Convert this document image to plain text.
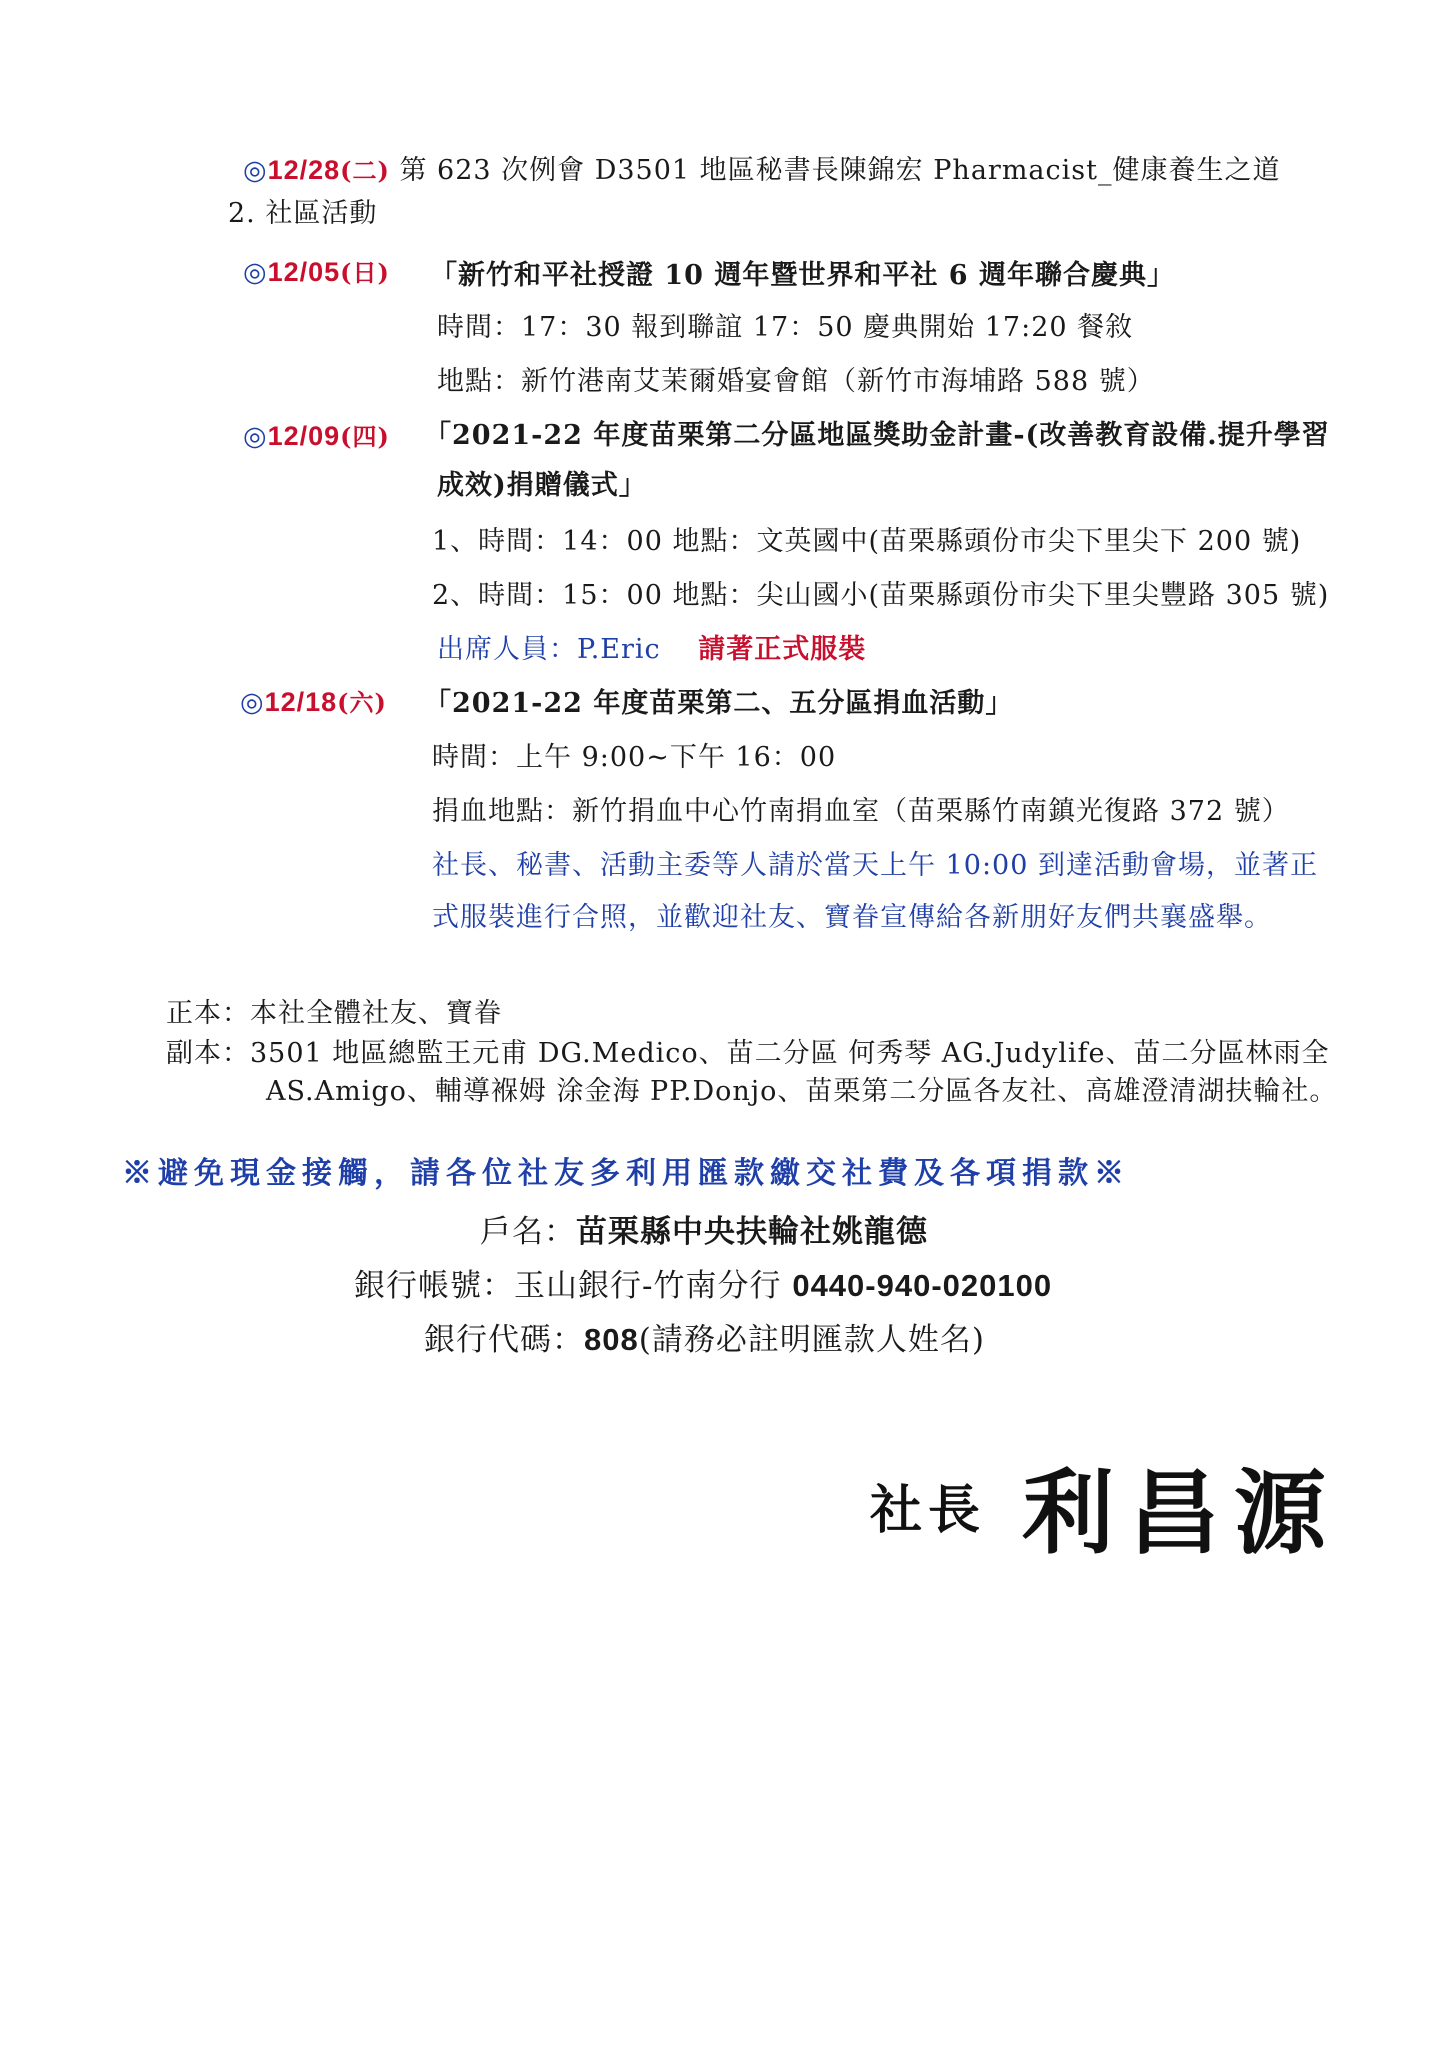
◎12/28(二) 第 623 次例會 D3501 地區秘書長陳錦宏 Pharmacist_健康養生之道
2. 社區活動
◎12/05(日) 「新竹和平社授證 10 週年暨世界和平社 6 週年聯合慶典」
時間：17：30 報到聯誼 17：50 慶典開始 17:20 餐敘
地點：新竹港南艾茉爾婚宴會館（新竹市海埔路 588 號）
◎12/09(四) 「2021-22 年度苗栗第二分區地區獎助金計畫-(改善教育設備.提升學習
成效)捐贈儀式」
1、時間：14：00 地點：文英國中(苗栗縣頭份市尖下里尖下 200 號)
2、時間：15：00 地點：尖山國小(苗栗縣頭份市尖下里尖豐路 305 號)
出席人員：P.Eric 請著正式服裝
◎12/18(六) 「2021-22 年度苗栗第二、五分區捐血活動」
時間：上午 9:00~下午 16：00
捐血地點：新竹捐血中心竹南捐血室（苗栗縣竹南鎮光復路 372 號）
社長、秘書、活動主委等人請於當天上午 10:00 到達活動會場，並著正
式服裝進行合照，並歡迎社友、寶眷宣傳給各新朋好友們共襄盛舉。
正本：本社全體社友、寶眷
副本：3501 地區總監王元甫 DG.Medico、苗二分區 何秀琴 AG.Judylife、苗二分區林雨全
AS.Amigo、輔導褓姆 涂金海 PP.Donjo、苗栗第二分區各友社、高雄澄清湖扶輪社。
※避免現金接觸，請各位社友多利用匯款繳交社費及各項捐款※
戶名：苗栗縣中央扶輪社姚龍德
銀行帳號：玉山銀行-竹南分行 0440-940-020100
銀行代碼：808(請務必註明匯款人姓名)
社長 利昌源
